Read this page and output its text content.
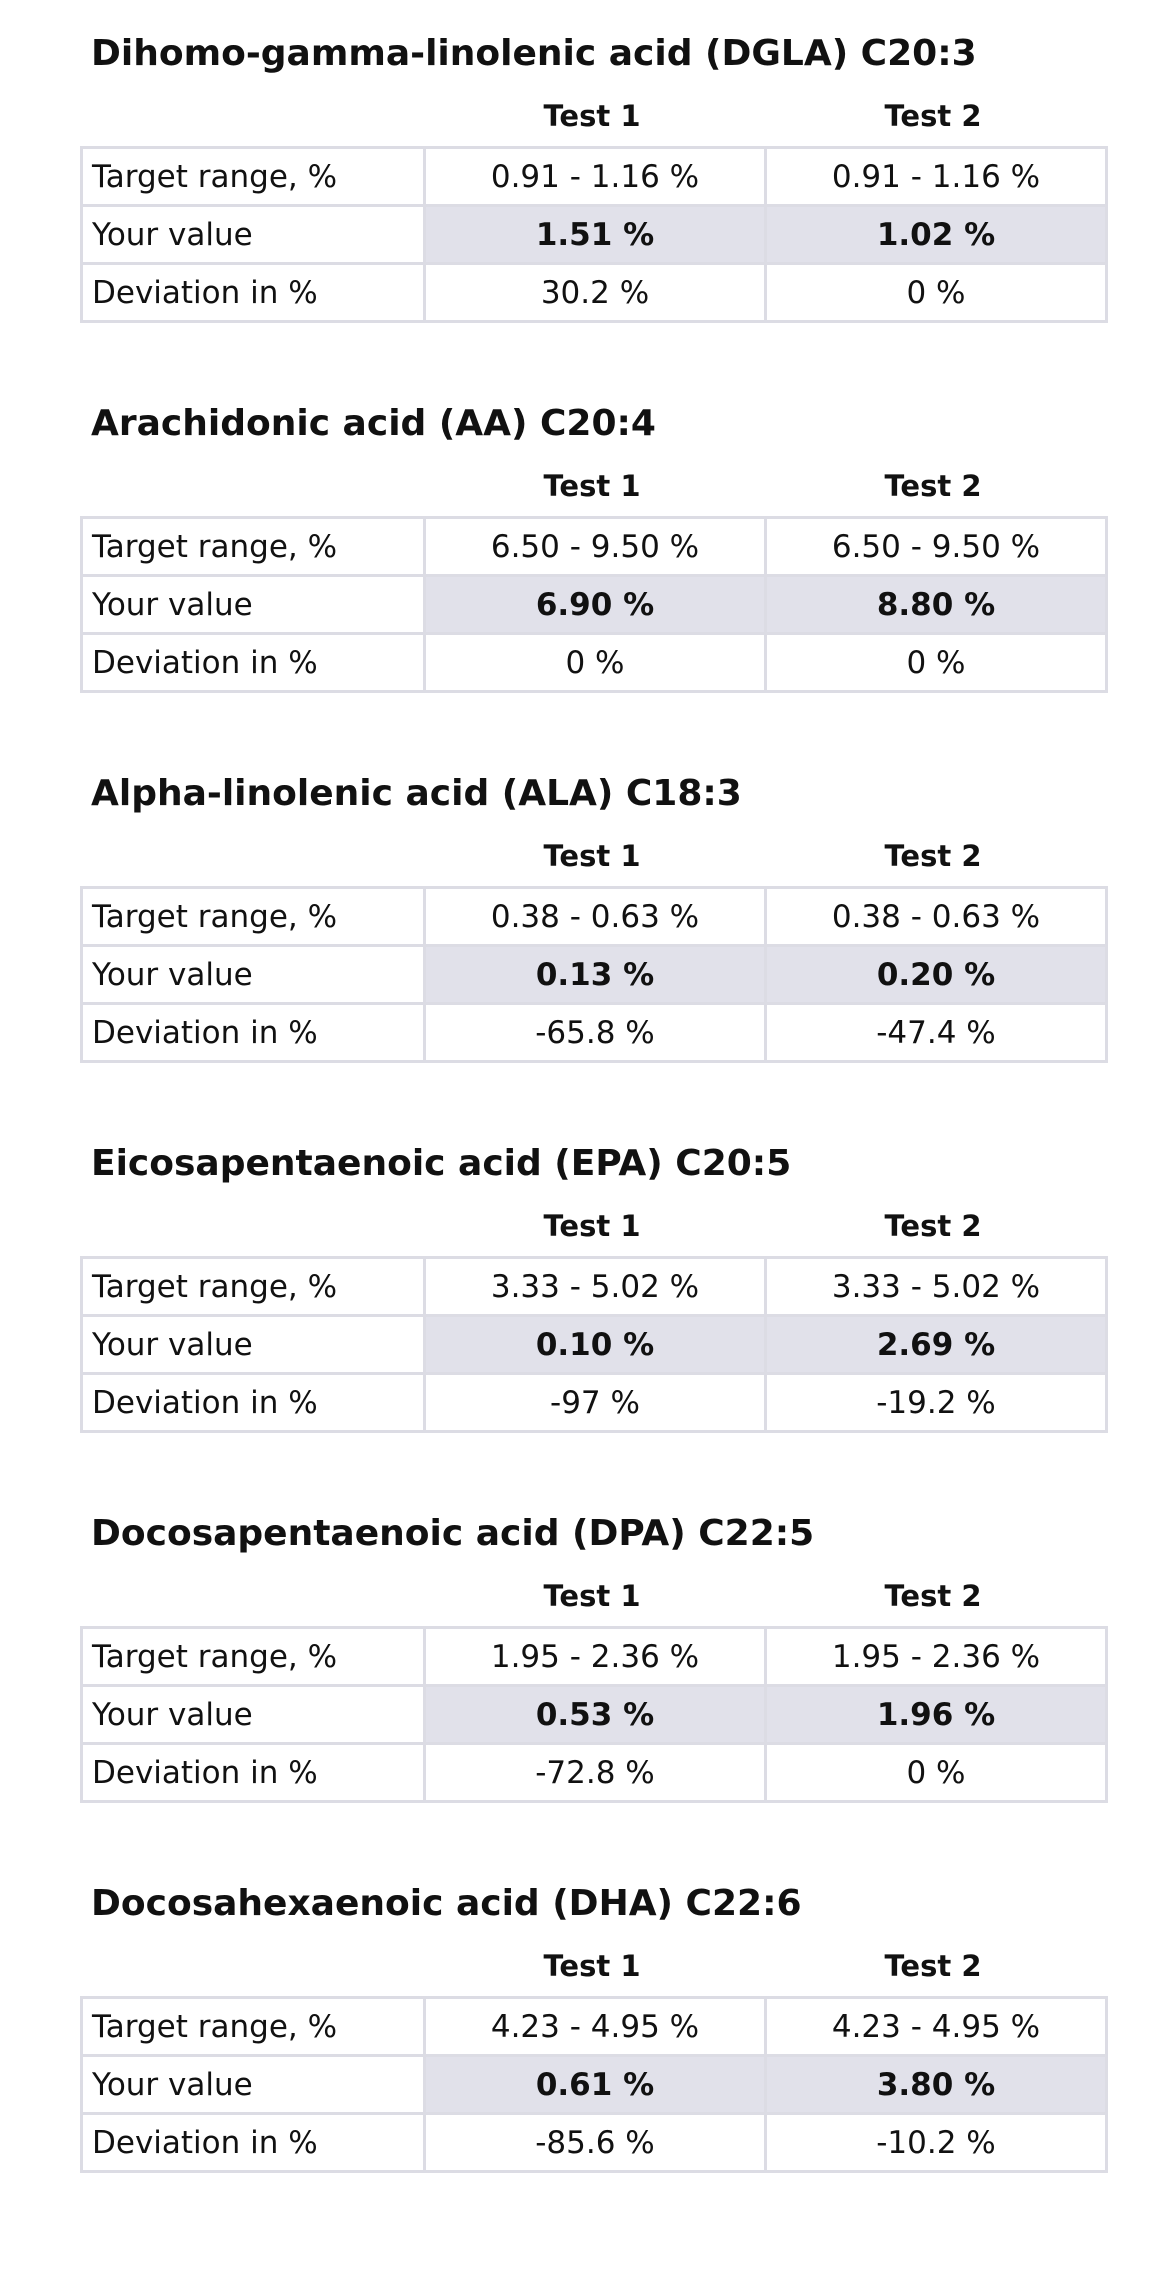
Dihomo-gamma-linolenic acid (DGLA) C20:3
Test 1	Test 2
Target range, %	0.91 - 1.16 %	0.91 - 1.16 %
Your value	1.51 %	1.02 %
Deviation in %	30.2 %	0 %
Arachidonic acid (AA) C20:4
Test 1	Test 2
Target range, %	6.50 - 9.50 %	6.50 - 9.50 %
Your value	6.90 %	8.80 %
Deviation in %	0 %	0 %
Alpha-linolenic acid (ALA) C18:3
Test 1	Test 2
Target range, %	0.38 - 0.63 %	0.38 - 0.63 %
Your value	0.13 %	0.20 %
Deviation in %	-65.8 %	-47.4 %
Eicosapentaenoic acid (EPA) C20:5
Test 1	Test 2
Target range, %	3.33 - 5.02 %	3.33 - 5.02 %
Your value	0.10 %	2.69 %
Deviation in %	-97 %	-19.2 %
Docosapentaenoic acid (DPA) C22:5
Test 1	Test 2
Target range, %	1.95 - 2.36 %	1.95 - 2.36 %
Your value	0.53 %	1.96 %
Deviation in %	-72.8 %	0 %
Docosahexaenoic acid (DHA) C22:6
Test 1	Test 2
Target range, %	4.23 - 4.95 %	4.23 - 4.95 %
Your value	0.61 %	3.80 %
Deviation in %	-85.6 %	-10.2 %
